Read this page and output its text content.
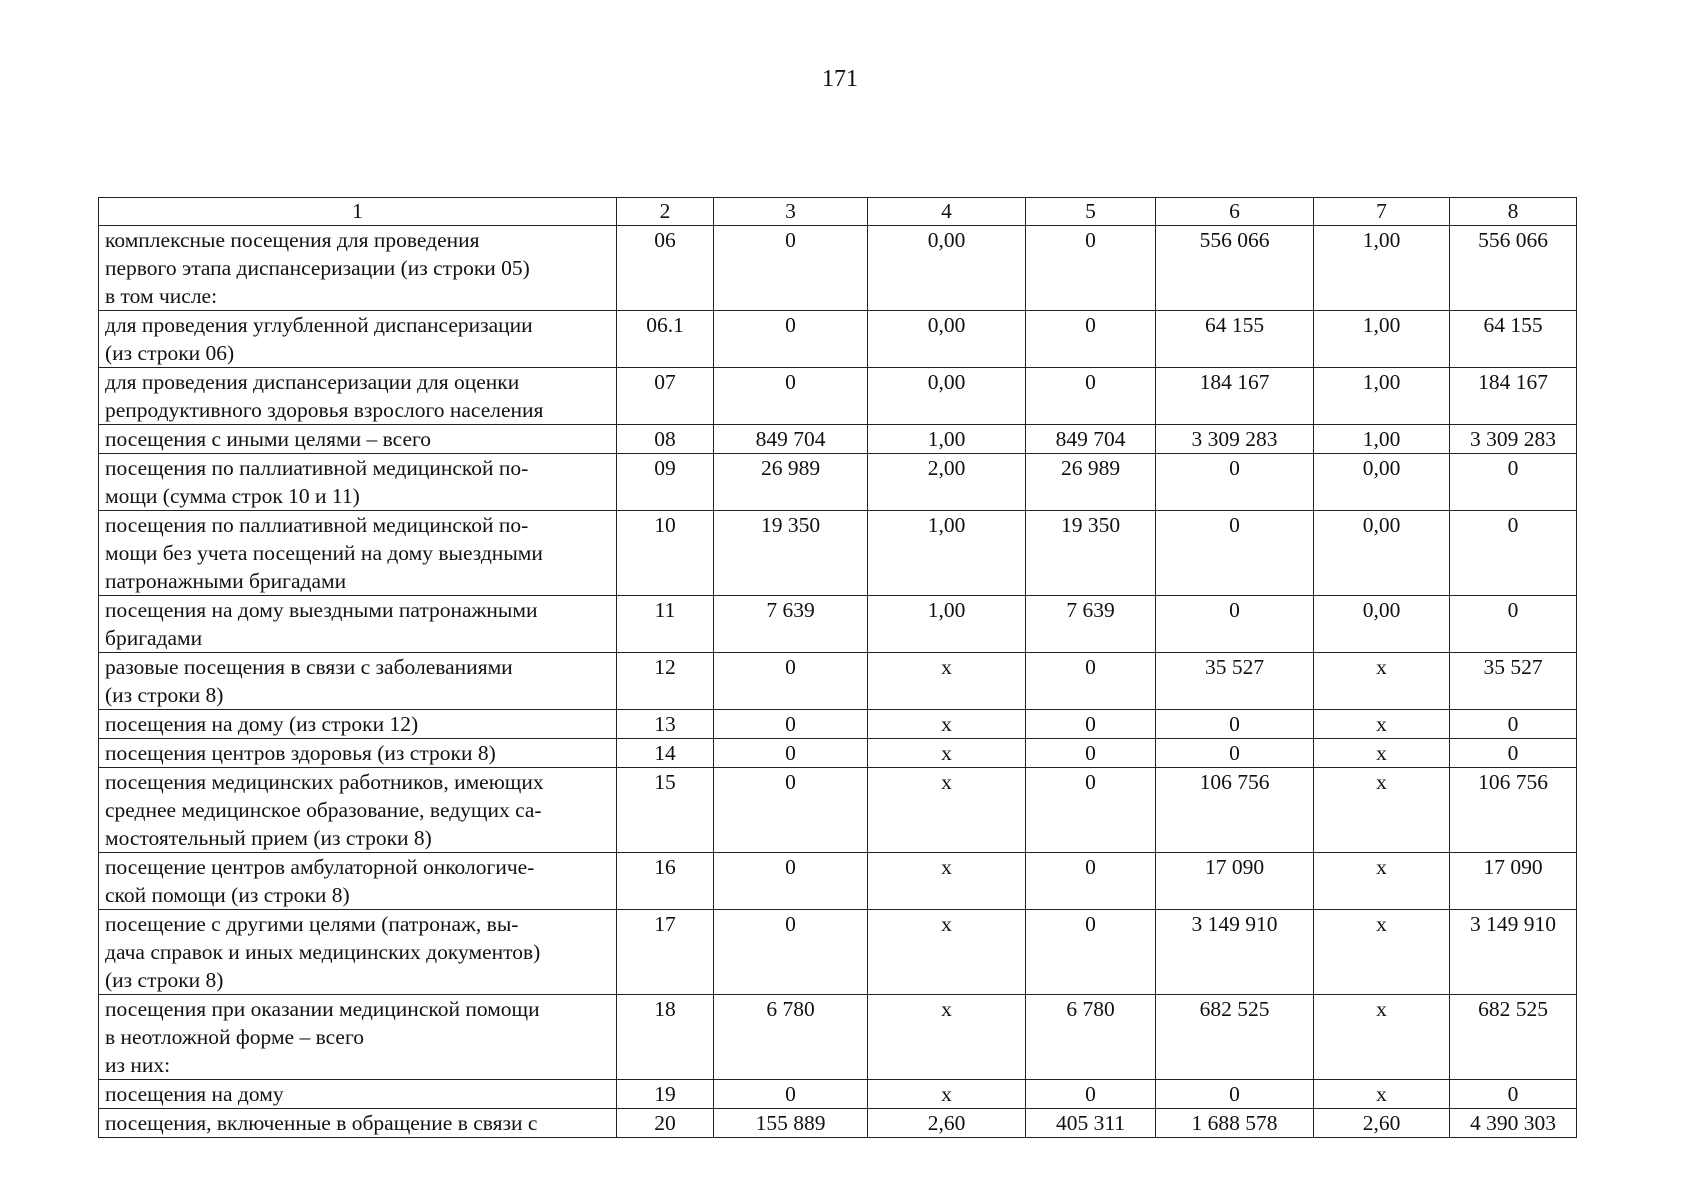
171
1	2	3	4	5	6	7	8

комплексные посещения для проведения
первого этапа диспансеризации (из строки 05)
в том числе:	06	0	0,00	0	556 066	1,00	556 066

для проведения углубленной диспансеризации
(из строки 06)	06.1	0	0,00	0	64 155	1,00	64 155

для проведения диспансеризации для оценки
репродуктивного здоровья взрослого населения	07	0	0,00	0	184 167	1,00	184 167

посещения с иными целями – всего	08	849 704	1,00	849 704	3 309 283	1,00	3 309 283

посещения по паллиативной медицинской по-
мощи (сумма строк 10 и 11)	09	26 989	2,00	26 989	0	0,00	0

посещения по паллиативной медицинской по-
мощи без учета посещений на дому выездными
патронажными бригадами	10	19 350	1,00	19 350	0	0,00	0

посещения на дому выездными патронажными
бригадами	11	7 639	1,00	7 639	0	0,00	0

разовые посещения в связи с заболеваниями
(из строки 8)	12	0	х	0	35 527	х	35 527

посещения на дому (из строки 12)	13	0	х	0	0	х	0

посещения центров здоровья (из строки 8)	14	0	х	0	0	х	0

посещения медицинских работников, имеющих
среднее медицинское образование, ведущих са-
мостоятельный прием (из строки 8)	15	0	х	0	106 756	х	106 756

посещение центров амбулаторной онкологиче-
ской помощи (из строки 8)	16	0	х	0	17 090	х	17 090

посещение с другими целями (патронаж, вы-
дача справок и иных медицинских документов)
(из строки 8)	17	0	х	0	3 149 910	х	3 149 910

посещения при оказании медицинской помощи
в неотложной форме – всего
из них:	18	6 780	х	6 780	682 525	х	682 525

посещения на дому	19	0	х	0	0	х	0

посещения, включенные в обращение в связи с	20	155 889	2,60	405 311	1 688 578	2,60	4 390 303
